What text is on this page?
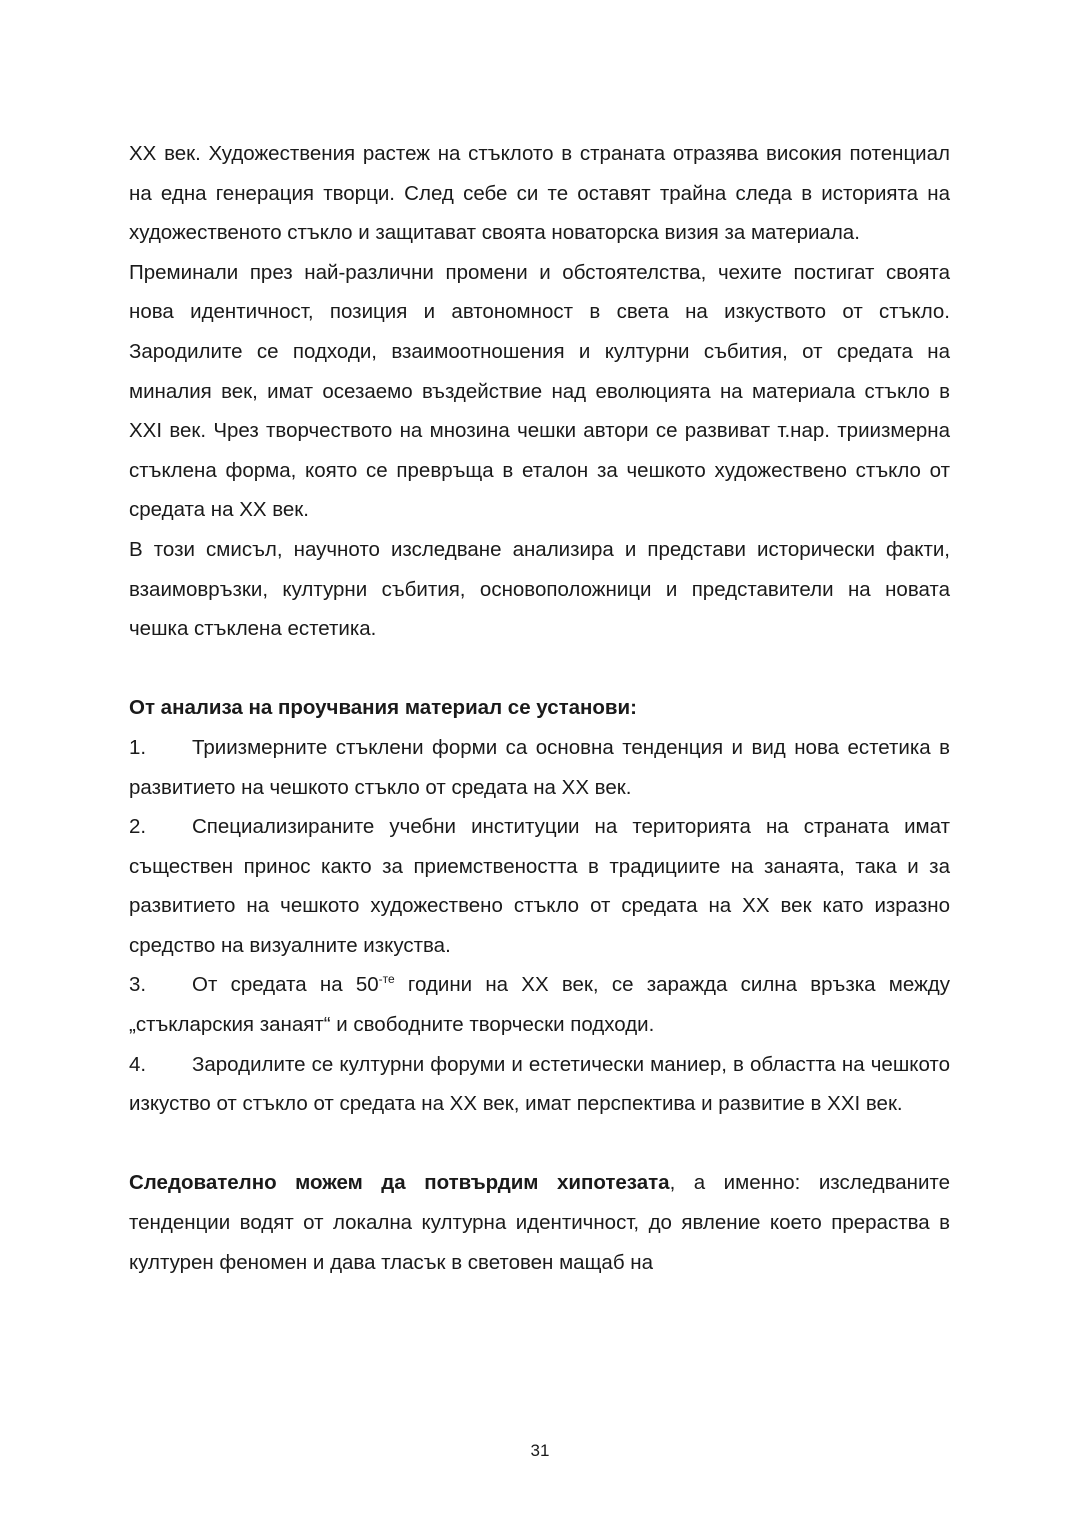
XX век. Художествения растеж на стъклото в страната отразява високия потенциал на една генерация творци. След себе си те оставят трайна следа в историята на художественото стъкло и защитават своята новаторска визия за материала.

Преминали през най-различни промени и обстоятелства, чехите постигат своята нова идентичност, позиция и автономност в света на изкуството от стъкло. Зародилите се подходи, взаимоотношения и културни събития, от средата на миналия век, имат осезаемо въздействие над еволюцията на материала стъкло в XXI век. Чрез творчеството на мнозина чешки автори се развиват т.нар. триизмерна стъклена форма, която се превръща в еталон за чешкото художествено стъкло от средата на XX век.

В този смисъл, научното изследване анализира и представи исторически факти, взаимовръзки, културни събития, основоположници и представители на новата чешка стъклена естетика.

От анализа на проучвания материал се установи:

1. Триизмерните стъклени форми са основна тенденция и вид нова естетика в развитието на чешкото стъкло от средата на XX век.

2. Специализираните учебни институции на територията на страната имат съществен принос както за приемствеността в традициите на занаята, така и за развитието на чешкото художествено стъкло от средата на XX век като изразно средство на визуалните изкуства.

3. От средата на $50^{-те}$ години на XX век, се заражда силна връзка между „стъкларския занаят“ и свободните творчески подходи.

4. Зародилите се културни форуми и естетически маниер, в областта на чешкото изкуство от стъкло от средата на XX век, имат перспектива и развитие в XXI век.

Следователно можем да потвърдим хипотезата, а именно: изследваните тенденции водят от локална културна идентичност, до явление което прераства в културен феномен и дава тласък в световен мащаб на

31
